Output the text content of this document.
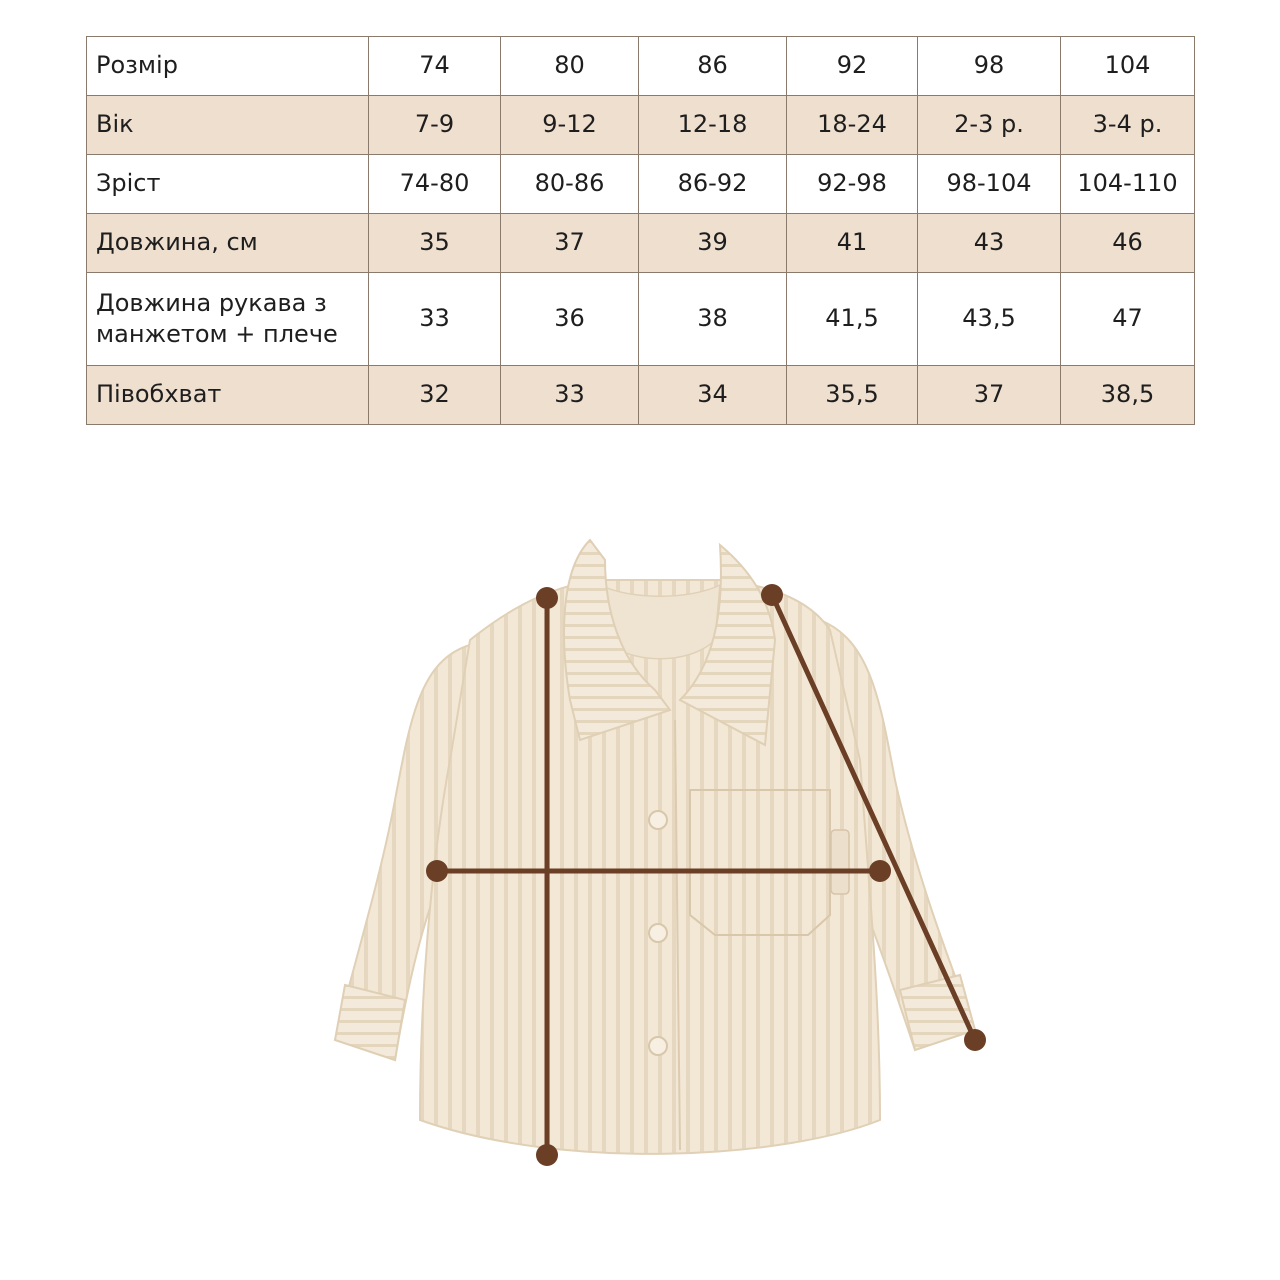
Розмір	74	80	86	92	98	104
Вік	7-9	9-12	12-18	18-24	2-3 р.	3-4 р.
Зріст	74-80	80-86	86-92	92-98	98-104	104-110
Довжина, см	35	37	39	41	43	46
Довжина рукава з манжетом + плече	33	36	38	41,5	43,5	47
Півобхват	32	33	34	35,5	37	38,5
